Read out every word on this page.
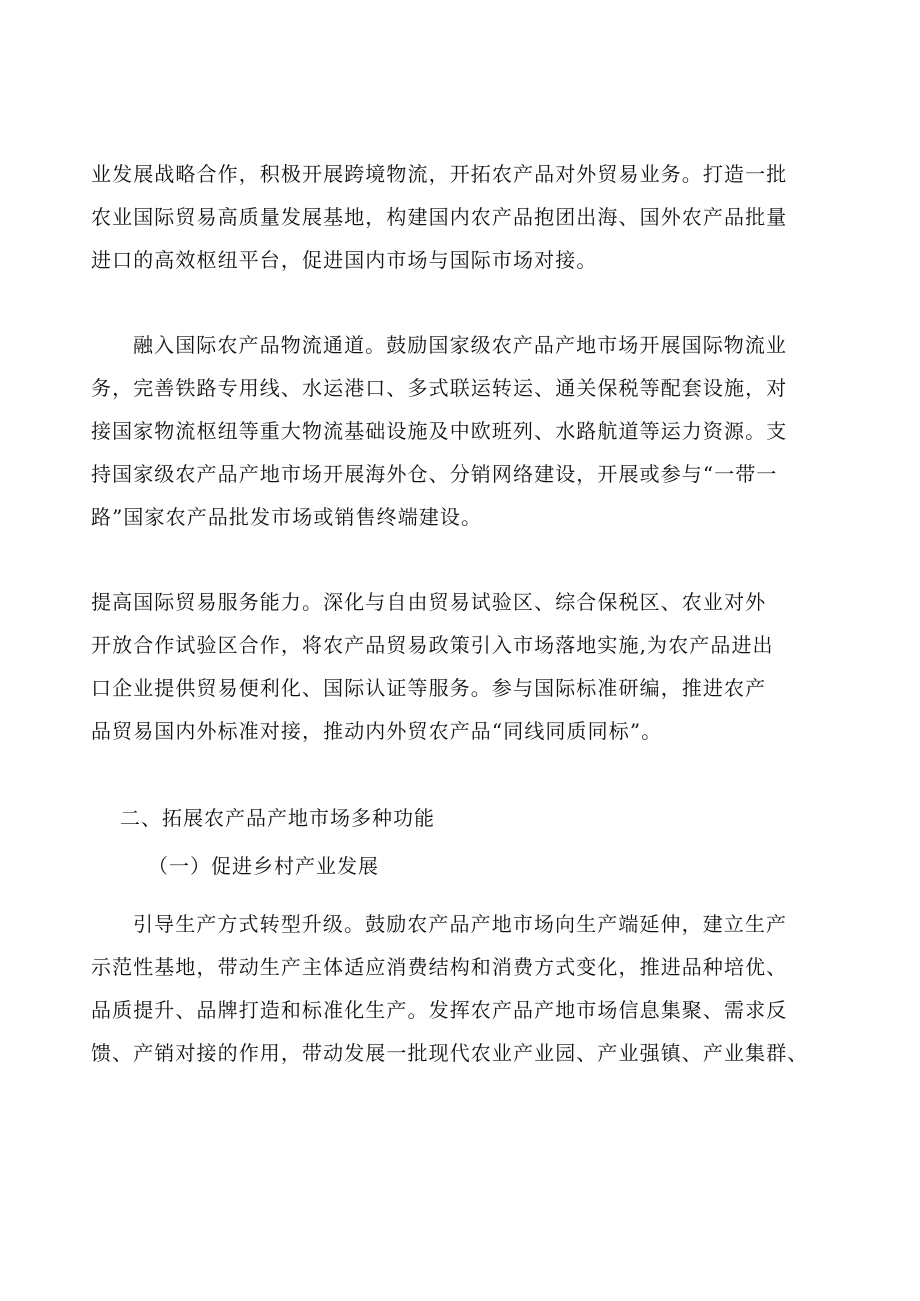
业发展战略合作，积极开展跨境物流，开拓农产品对外贸易业务。打造一批
农业国际贸易高质量发展基地，构建国内农产品抱团出海、国外农产品批量
进口的高效枢纽平台，促进国内市场与国际市场对接。
融入国际农产品物流通道。鼓励国家级农产品产地市场开展国际物流业
务，完善铁路专用线、水运港口、多式联运转运、通关保税等配套设施，对
接国家物流枢纽等重大物流基础设施及中欧班列、水路航道等运力资源。支
持国家级农产品产地市场开展海外仓、分销网络建设，开展或参与“一带一
路”国家农产品批发市场或销售终端建设。
提高国际贸易服务能力。深化与自由贸易试验区、综合保税区、农业对外
开放合作试验区合作，将农产品贸易政策引入市场落地实施,为农产品进出
口企业提供贸易便利化、国际认证等服务。参与国际标准研编，推进农产
品贸易国内外标准对接，推动内外贸农产品“同线同质同标”。
二、拓展农产品产地市场多种功能
（一）促进乡村产业发展
引导生产方式转型升级。鼓励农产品产地市场向生产端延伸，建立生产
示范性基地，带动生产主体适应消费结构和消费方式变化，推进品种培优、
品质提升、品牌打造和标准化生产。发挥农产品产地市场信息集聚、需求反
馈、产销对接的作用，带动发展一批现代农业产业园、产业强镇、产业集群、
